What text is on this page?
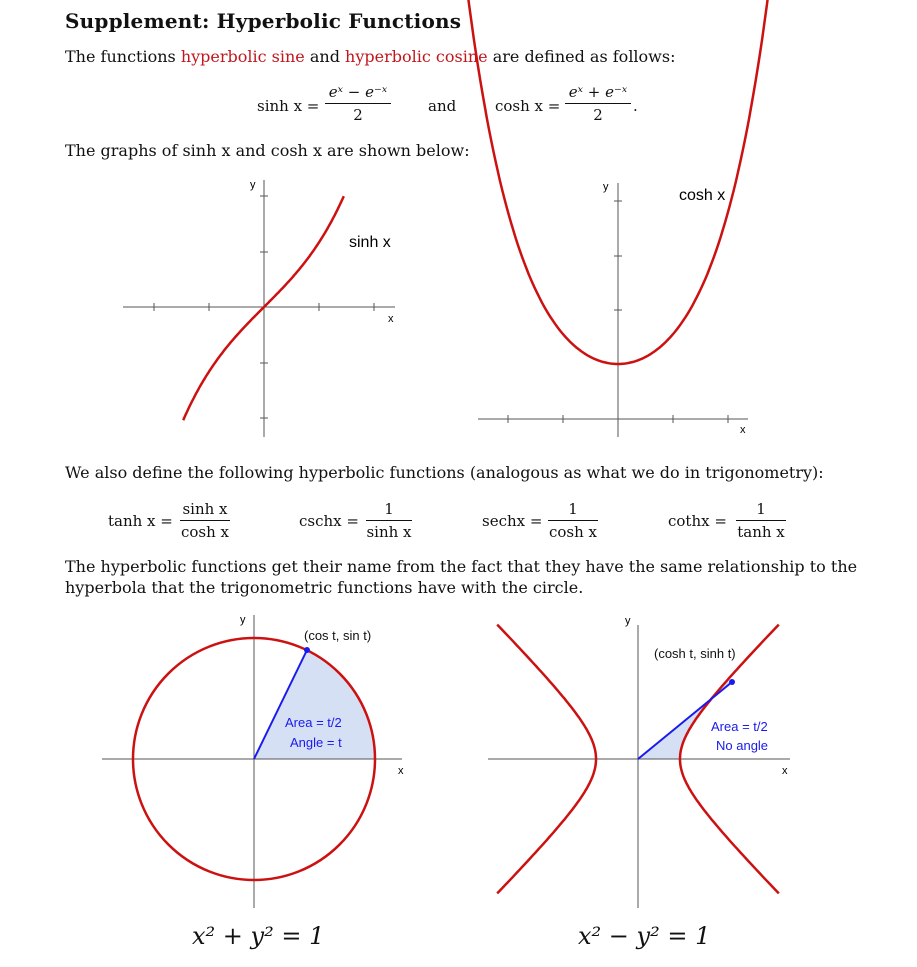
Supplement: Hyperbolic Functions
The functions hyperbolic sine and hyperbolic cosine are defined as follows:
sinh x =
eˣ − e⁻ˣ
2	and	cosh x =
eˣ + e⁻ˣ
2	.
The graphs of sinh x and cosh x are shown below:
sinh x
x
y
cosh x
x
y
(cos t, sin t)
Area = t/2
Angle = t
x
y
(cosh t, sinh t)
Area = t/2
No angle
x
y
We also define the following hyperbolic functions (analogous as what we do in trigonometry):
tanh x =
sinh x
cosh x
cschx =
1
sinh x
sechx =
1
cosh x
cothx =
1
tanh x
The hyperbolic functions get their name from the fact that they have the same relationship to the
hyperbola that the trigonometric functions have with the circle.
x² + y² = 1	x² − y² = 1
